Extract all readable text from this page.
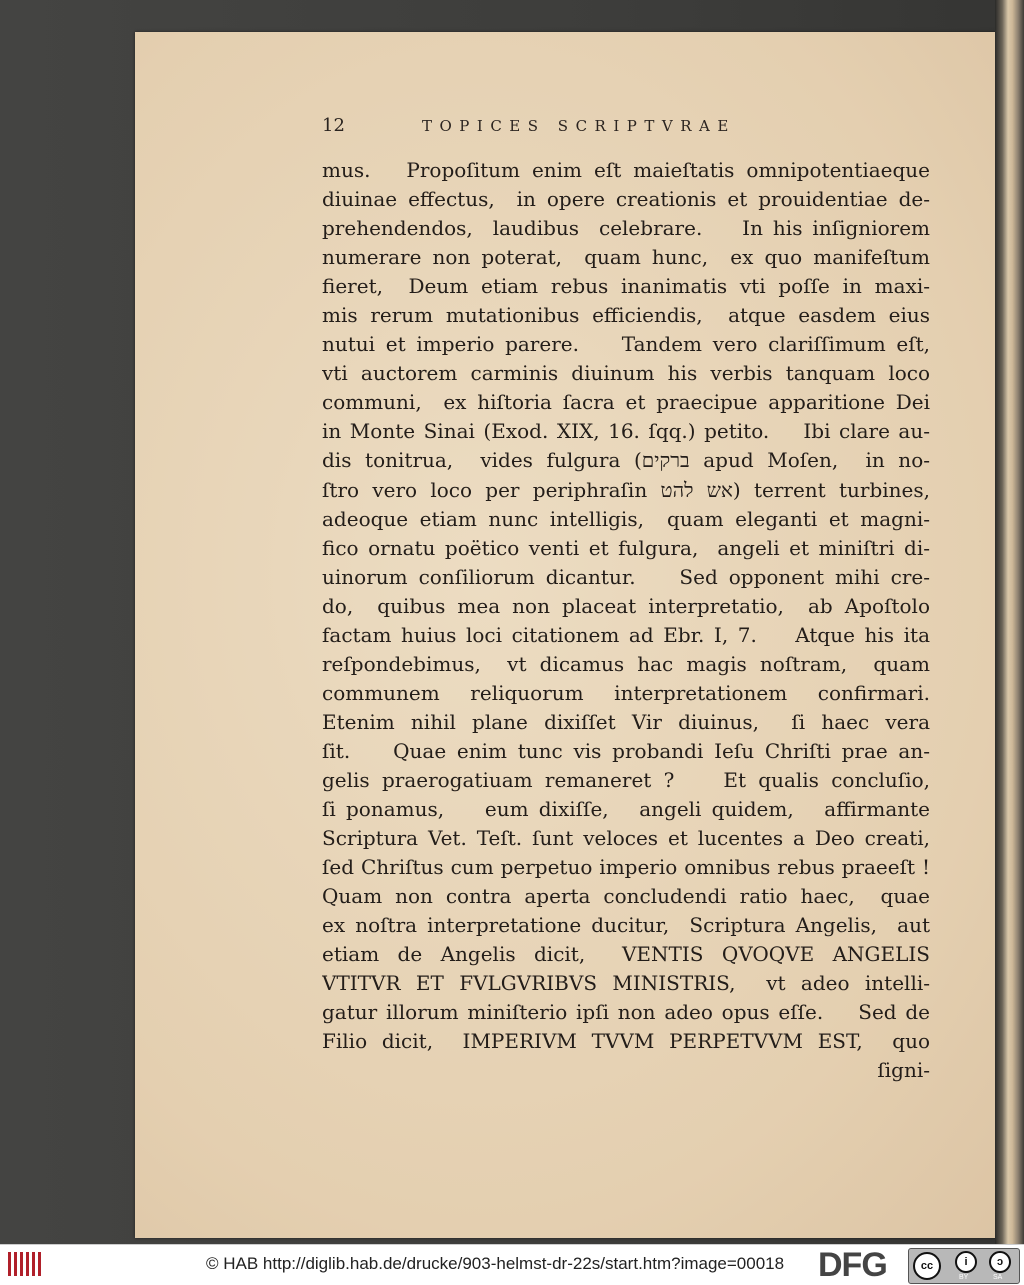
12	TOPICES SCRIPTVRAE
mus.   Propoſitum enim eſt maieſtatis omnipotentiaeque
diuinae effectus,  in opere creationis et prouidentiae de-
prehendendos,  laudibus  celebrare.    In his inſigniorem
numerare non poterat,  quam hunc,  ex quo manifeſtum
fieret,  Deum etiam rebus inanimatis vti poſſe in maxi-
mis rerum mutationibus efficiendis,  atque easdem eius
nutui et imperio parere.    Tandem vero clariſſimum eſt,
vti auctorem carminis diuinum his verbis tanquam loco
communi,  ex hiſtoria ſacra et praecipue apparitione Dei
in Monte Sinai (Exod. XIX, 16. ſqq.) petito.    Ibi clare au-
dis tonitrua,  vides fulgura (ברקים apud Moſen,  in no-
ſtro vero loco per periphraſin אש להט) terrent turbines,
adeoque etiam nunc intelligis,  quam eleganti et magni-
fico ornatu poëtico venti et fulgura,  angeli et miniſtri di-
uinorum conſiliorum dicantur.    Sed opponent mihi cre-
do,  quibus mea non placeat interpretatio,  ab Apoſtolo
factam huius loci citationem ad Ebr. I, 7.    Atque his ita
reſpondebimus,  vt dicamus hac magis noſtram,  quam
communem  reliquorum  interpretationem  confirmari.
Etenim nihil plane dixiſſet Vir diuinus,  ſi haec vera
ſit.    Quae enim tunc vis probandi Ieſu Chriſti prae an-
gelis praerogatiuam remaneret ?    Et qualis concluſio,
ſi ponamus,    eum dixiſſe,   angeli quidem,   affirmante
Scriptura Vet. Teſt. ſunt veloces et lucentes a Deo creati,
ſed Chriſtus cum perpetuo imperio omnibus rebus praeeſt !
Quam non contra aperta concludendi ratio haec,  quae
ex noſtra interpretatione ducitur,  Scriptura Angelis,  aut
etiam de Angelis dicit,  VENTIS QVOQVE ANGELIS
VTITVR ET FVLGVRIBVS MINISTRIS,  vt adeo intelli-
gatur illorum miniſterio ipſi non adeo opus eſſe.    Sed de
Filio dicit,  IMPERIVM TVVM PERPETVVM EST,  quo
ſigni-
© HAB http://diglib.hab.de/drucke/903-helmst-dr-22s/start.htm?image=00018 DFG	cc	i	ↄ
BY	SA
